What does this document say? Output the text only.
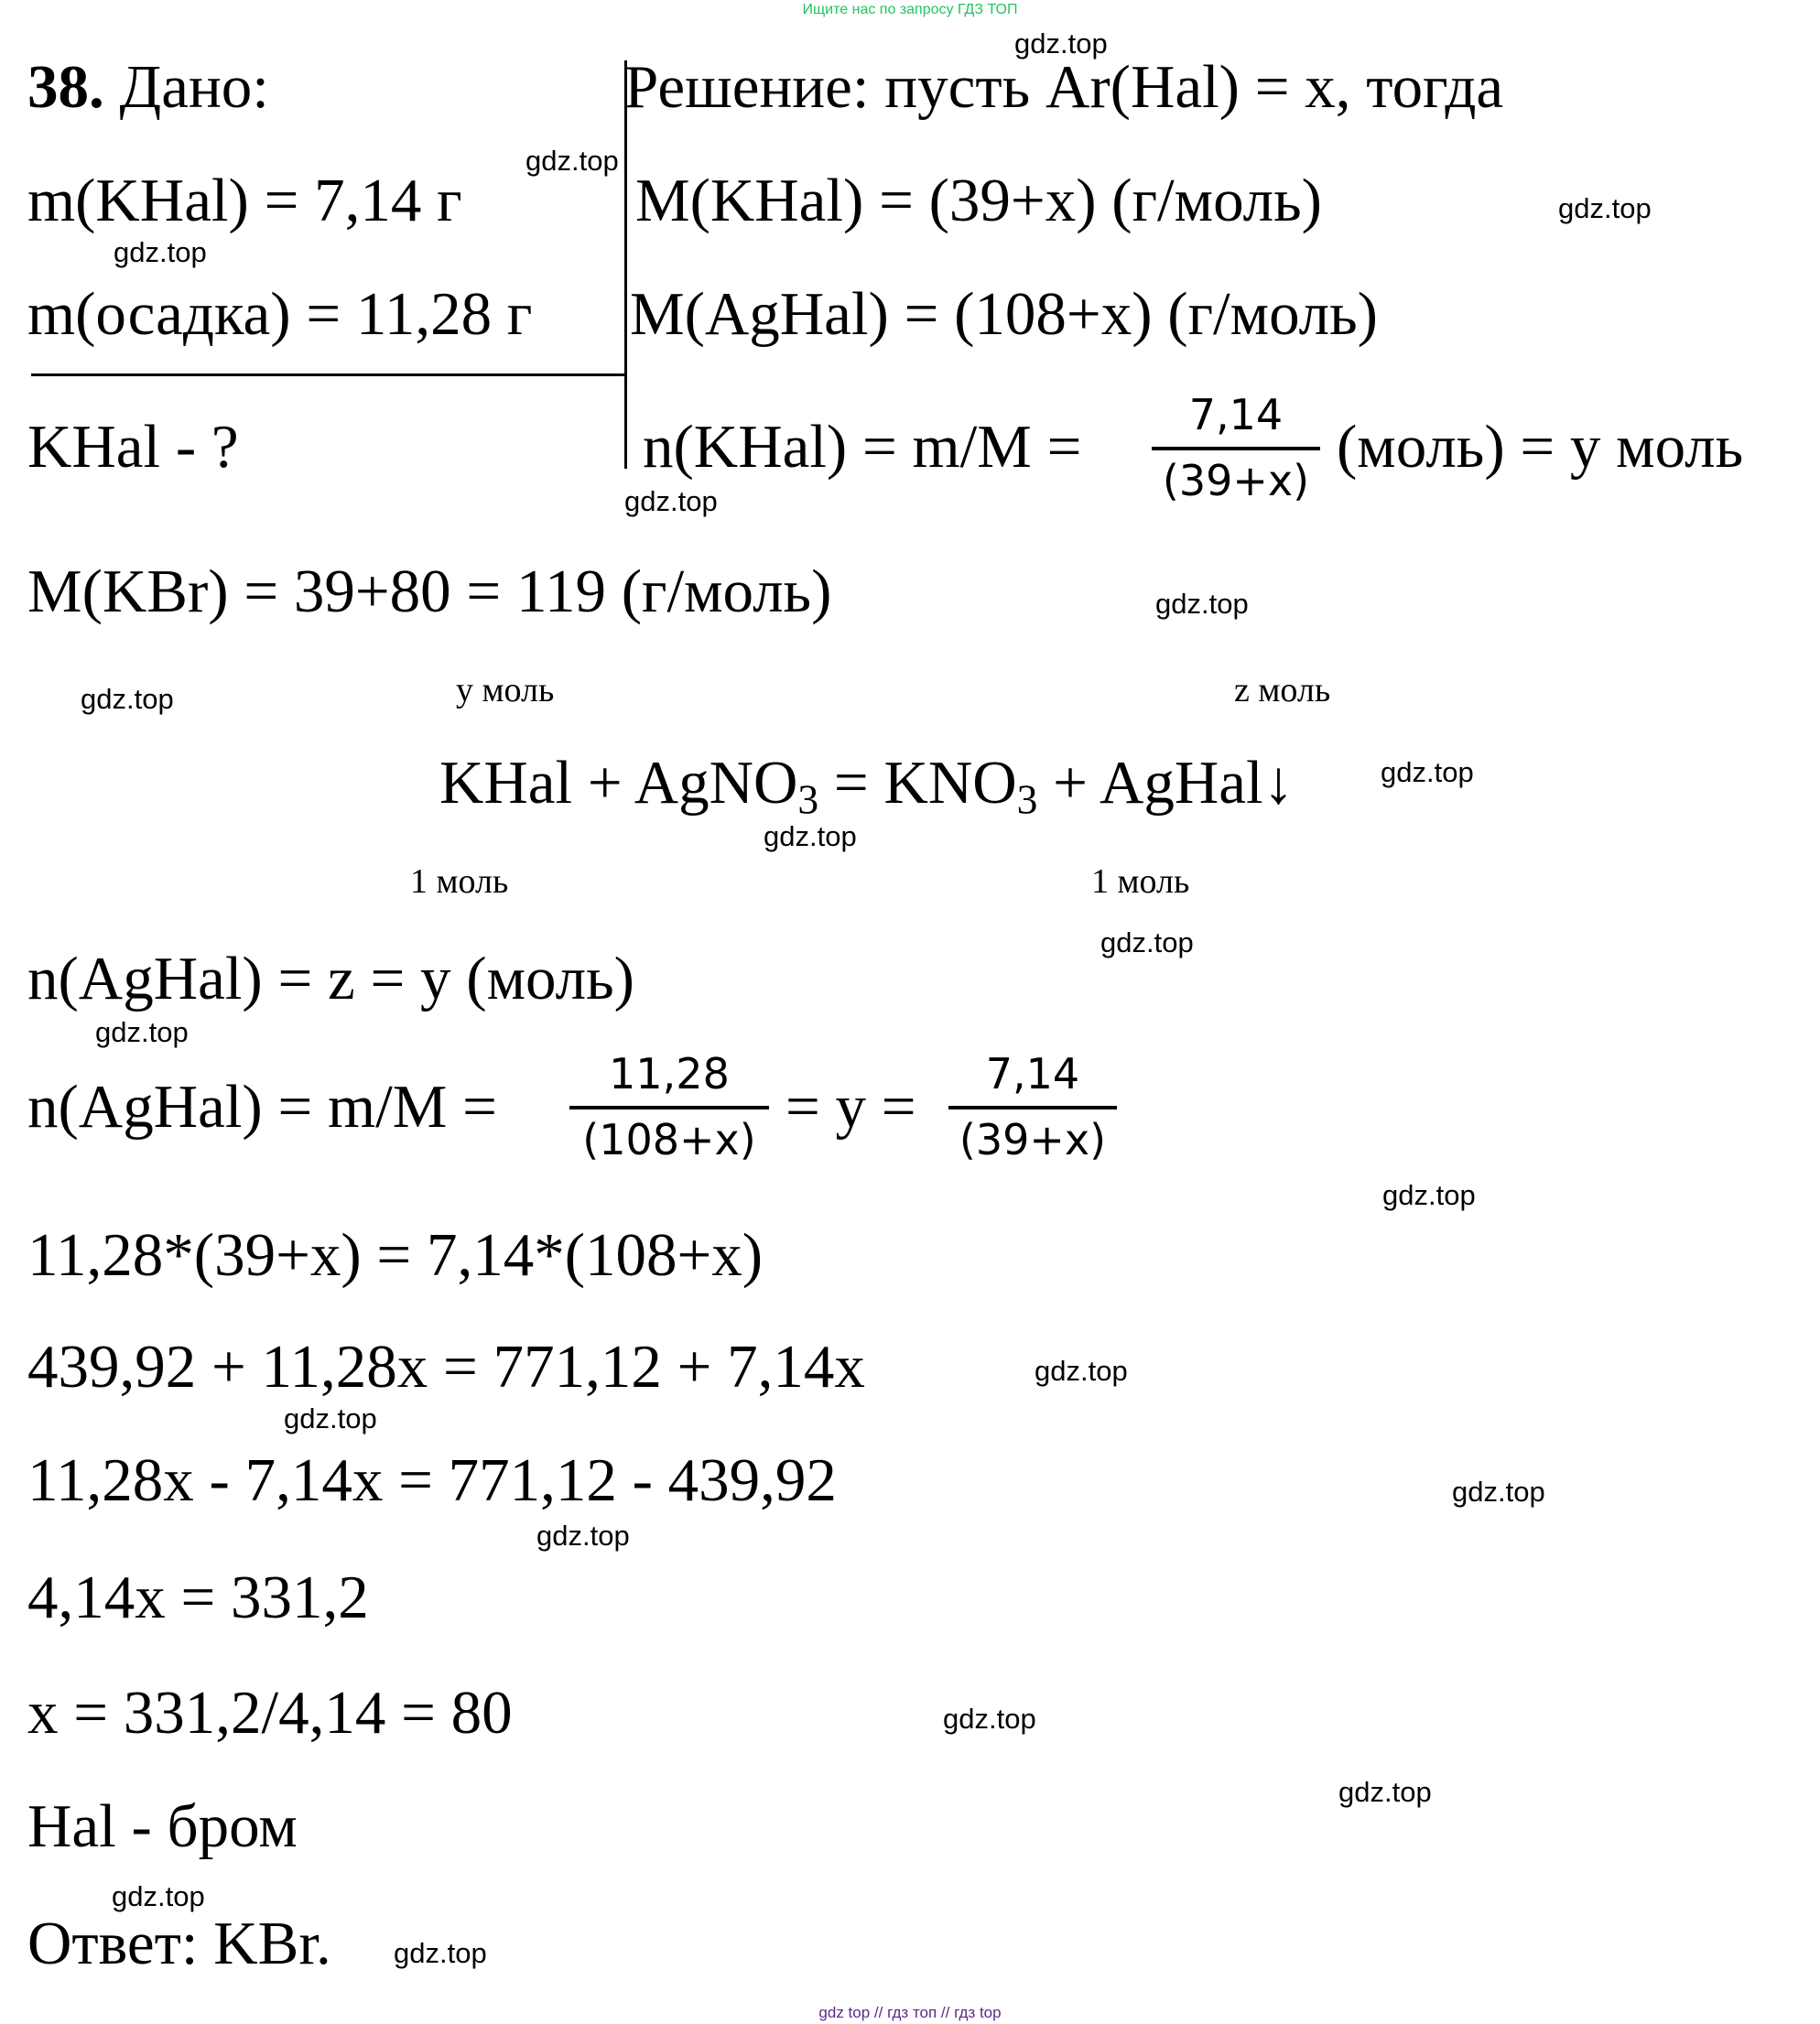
Ищите нас по запросу ГДЗ ТОП
gdz top // гдз топ // гдз top
38. Дано:
m(KHal) = 7,14 г
m(осадка) = 11,28 г
KHal - ?
Решение: пусть Ar(Hal) = x, тогда
M(KHal) = (39+x) (г/моль)
M(AgHal) = (108+x) (г/моль)
n(KHal) = $m/M = \frac{7,14}{(39+x)}$ (моль) = y моль
M(KBr) = 39+80 = 119 (г/моль)
y моль	z моль
KHal + AgNO$_3$ = $KNO_3$ + AgHal↓
1 моль	1 моль
n(AgHal) = z = y (моль)
n(AgHal) = $m/M = \frac{11,28}{(108+x)} = y = \frac{7,14}{(39+x)}$
11,28*(39+x) = 7,14*(108+x)
439,92 + 11,28x = 771,12 + 7,14x
11,28x - 7,14x = 771,12 - 439,92
4,14x = 331,2
x = 331,2/4,14 = 80
Hal - бром
Ответ: KBr.
gdz.top
gdz.top
gdz.top
gdz.top
gdz.top
gdz.top
gdz.top
gdz.top
gdz.top
gdz.top
gdz.top
gdz.top
gdz.top
gdz.top
gdz.top
gdz.top
gdz.top
gdz.top
gdz.top
gdz.top
